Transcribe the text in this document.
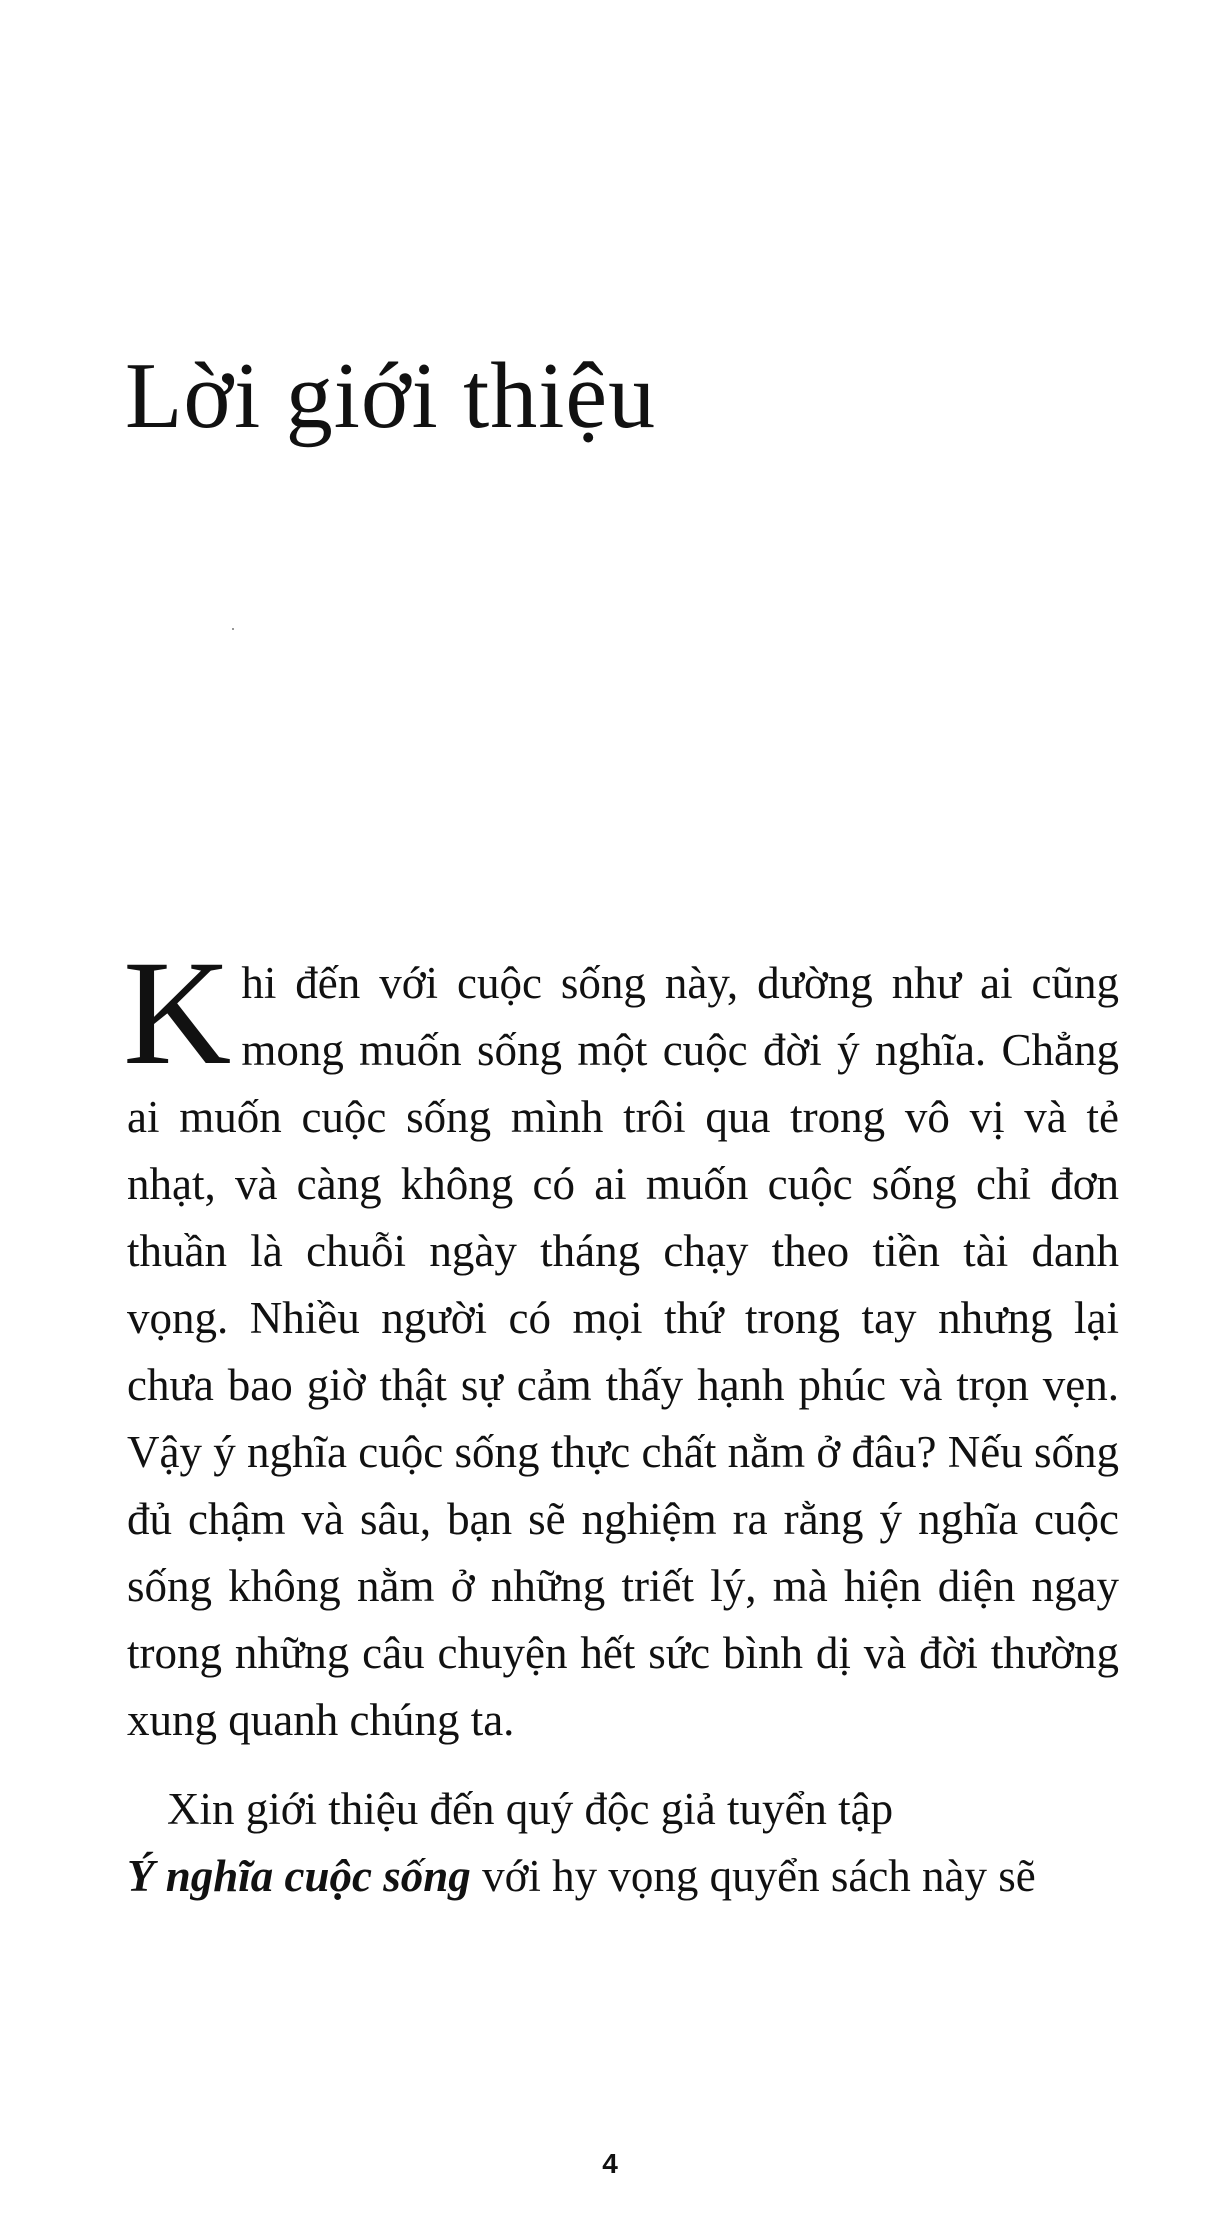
Lời giới thiệu

Khi đến với cuộc sống này, dường như ai cũng mong muốn sống một cuộc đời ý nghĩa. Chẳng ai muốn cuộc sống mình trôi qua trong vô vị và tẻ nhạt, và càng không có ai muốn cuộc sống chỉ đơn thuần là chuỗi ngày tháng chạy theo tiền tài danh vọng. Nhiều người có mọi thứ trong tay nhưng lại chưa bao giờ thật sự cảm thấy hạnh phúc và trọn vẹn. Vậy ý nghĩa cuộc sống thực chất nằm ở đâu? Nếu sống đủ chậm và sâu, bạn sẽ nghiệm ra rằng ý nghĩa cuộc sống không nằm ở những triết lý, mà hiện diện ngay trong những câu chuyện hết sức bình dị và đời thường xung quanh chúng ta.

Xin giới thiệu đến quý độc giả tuyển tập
Ý nghĩa cuộc sống với hy vọng quyển sách này sẽ

4
